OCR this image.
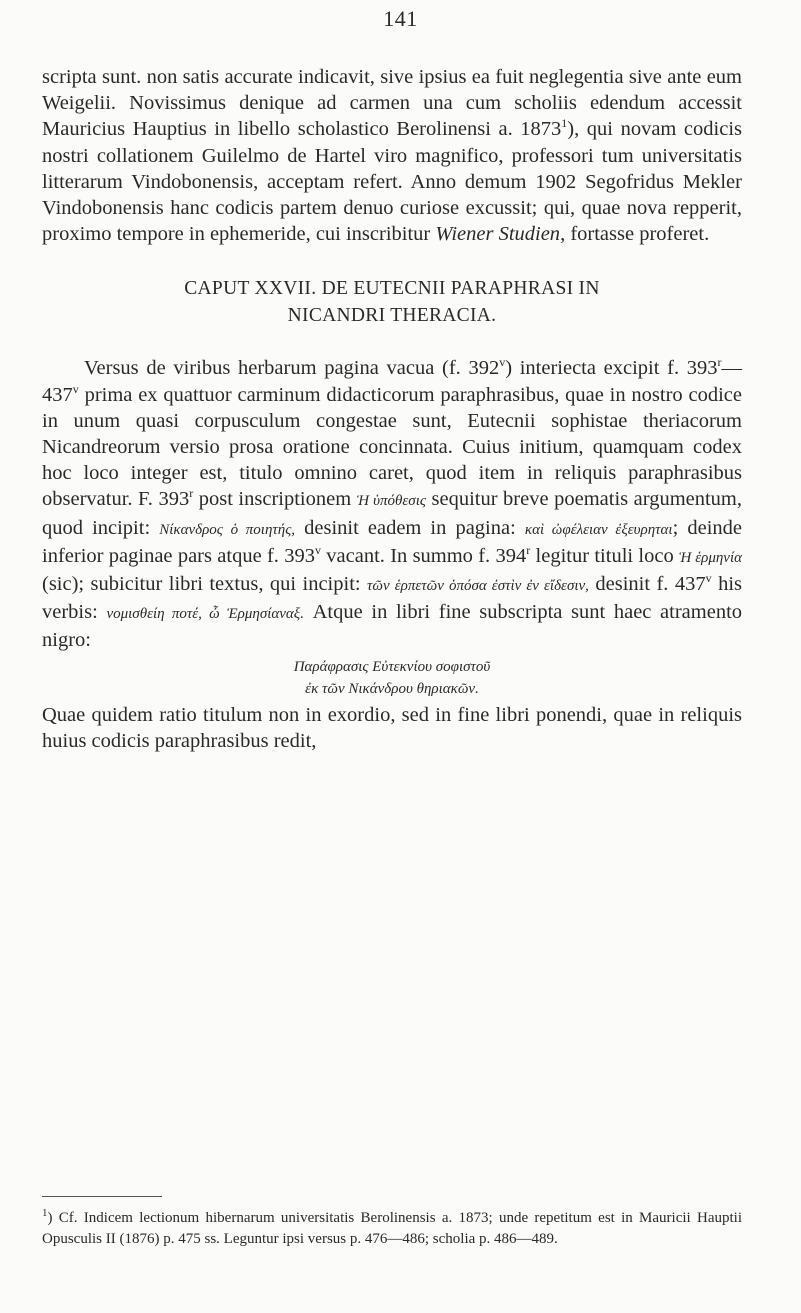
141

scripta sunt. non satis accurate indicavit, sive ipsius ea fuit neglegentia sive ante eum Weigelii. Novissimus denique ad carmen una cum scholiis edendum accessit Mauricius Hauptius in libello scholastico Berolinensi a. 1873$^1$), qui novam codicis nostri collationem Guilelmo de Hartel viro magnifico, professori tum universitatis litterarum Vindobonensis, acceptam refert. Anno demum 1902 Segofridus Mekler Vindobonensis hanc codicis partem denuo curiose excussit; qui, quae nova repperit, proximo tempore in ephemeride, cui inscribitur Wiener Studien, fortasse proferet.

CAPUT XXVII. DE EUTECNII PARAPHRASI IN
NICANDRI THERACIA.

Versus de viribus herbarum pagina vacua (f. 392$^v$) interiecta excipit f. 393$^r$—437$^v$ prima ex quattuor carminum didacticorum paraphrasibus, quae in nostro codice in unum quasi corpusculum congestae sunt, Eutecnii sophistae theriacorum Nicandreorum versio prosa oratione concinnata. Cuius initium, quamquam codex hoc loco integer est, titulo omnino caret, quod item in reliquis paraphrasibus observatur. F. 393$^r$ post inscriptionem Ἡ ὑπόθεσις sequitur breve poematis argumentum, quod incipit: Νίκανδρος ὁ ποιητής, desinit eadem in pagina: καὶ ὠφέλειαν ἐξευρηται; deinde inferior paginae pars atque f. 393$^v$ vacant. In summo f. 394$^r$ legitur tituli loco Ἡ ἑρμηνία (sic); subicitur libri textus, qui incipit: τῶν ἑρπετῶν ὁπόσα ἐστὶν ἐν εἴδεσιν, desinit f. 437$^v$ his verbis: νομισθείη ποτέ, ὦ Ἑρμησίαναξ. Atque in libri fine subscripta sunt haec atramento nigro:

Παράφρασις Εὐτεκνίου σοφιστοῦ
ἐκ τῶν Νικάνδρου θηριακῶν.

Quae quidem ratio titulum non in exordio, sed in fine libri ponendi, quae in reliquis huius codicis paraphrasibus redit,

$^1$) Cf. Indicem lectionum hibernarum universitatis Berolinensis a. 1873; unde repetitum est in Mauricii Hauptii Opusculis II (1876) p. 475 ss. Leguntur ipsi versus p. 476—486; scholia p. 486—489.
